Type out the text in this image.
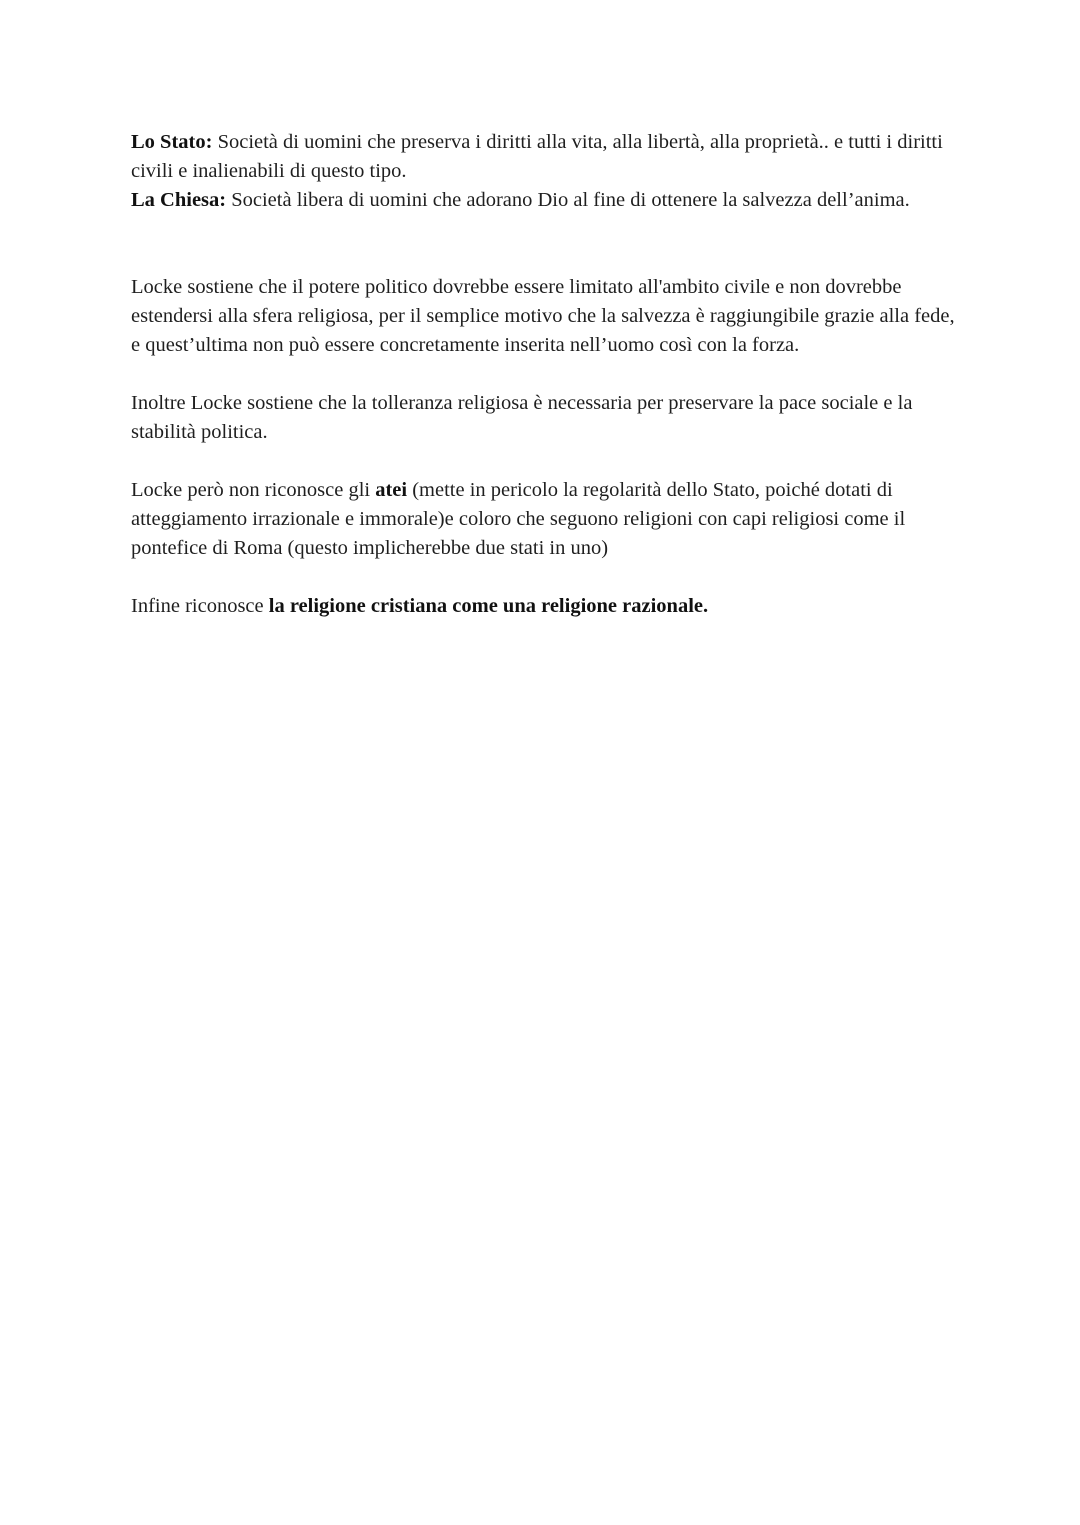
Lo Stato: Società di uomini che preserva i diritti alla vita, alla libertà, alla proprietà.. e tutti i diritti civili e inalienabili di questo tipo.

La Chiesa: Società libera di uomini che adorano Dio al fine di ottenere la salvezza dell’anima.

Locke sostiene che il potere politico dovrebbe essere limitato all'ambito civile e non dovrebbe estendersi alla sfera religiosa, per il semplice motivo che la salvezza è raggiungibile grazie alla fede, e quest’ultima non può essere concretamente inserita nell’uomo così con la forza.

Inoltre Locke sostiene che la tolleranza religiosa è necessaria per preservare la pace sociale e la stabilità politica.

Locke però non riconosce gli atei (mette in pericolo la regolarità dello Stato, poiché dotati di atteggiamento irrazionale e immorale)e coloro che seguono religioni con capi religiosi come il pontefice di Roma (questo implicherebbe due stati in uno)

Infine riconosce la religione cristiana come una religione razionale.
